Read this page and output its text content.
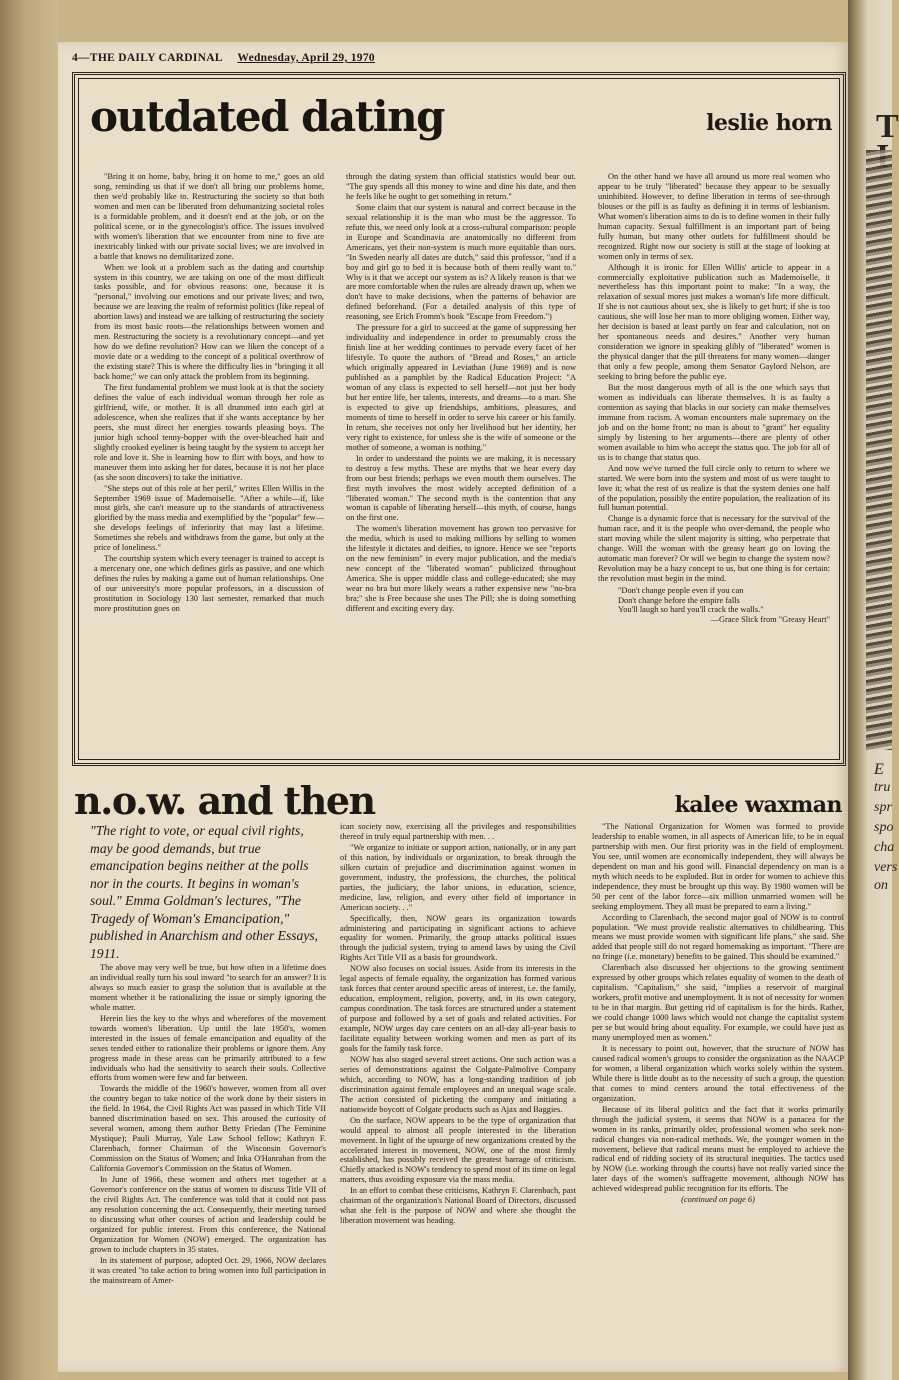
T
E
tru
spr
spo
cha
vers
on
4—THE DAILY CARDINAL Wednesday, April 29, 1970
outdated dating	leslie horn

"Bring it on home, baby, bring it on home to me," goes an old song, reminding us that if we don't all bring our problems home, then we'd probably like to. Restructuring the society so that both women and men can be liberated from dehumanizing societal roles is a formidable problem, and it doesn't end at the job, or on the political scene, or in the gynecologist's office. The issues involved with women's liberation that we encounter from nine to five are inextricably linked with our private social lives; we are involved in a battle that knows no demilitarized zone.

When we look at a problem such as the dating and courtship system in this country, we are taking on one of the most difficult tasks possible, and for obvious reasons: one, because it is "personal," involving our emotions and our private lives; and two, because we are leaving the realm of reformist politics (like repeal of abortion laws) and instead we are talking of restructuring the society from its most basic roots—the relationships between women and men. Restructuring the society is a revolutionary concept—and yet how do we define revolution? How can we liken the concept of a movie date or a wedding to the concept of a political overthrow of the existing state? This is where the difficulty lies in "bringing it all back home;" we can only attack the problem from its beginning.

The first fundamental problem we must look at is that the society defines the value of each individual woman through her role as girlfriend, wife, or mother. It is all drummed into each girl at adolescence, when she realizes that if she wants acceptance by her peers, she must direct her energies towards pleasing boys. The junior high school tenny-bopper with the over-bleached hair and slightly crooked eyeliner is being taught by the system to accept her role and love it. She is learning how to flirt with boys, and how to maneuver them into asking her for dates, because it is not her place (as she soon discovers) to take the initiative.

"She steps out of this role at her peril," writes Ellen Willis in the September 1969 issue of Mademoiselle. "After a while—if, like most girls, she can't measure up to the standards of attractiveness glorified by the mass media and exemplified by the "popular" few—she develops feelings of inferiority that may last a lifetime. Sometimes she rebels and withdraws from the game, but only at the price of loneliness."

The courtship system which every teenager is trained to accept is a mercenary one, one which defines girls as passive, and one which defines the rules by making a game out of human relationships. One of our university's more popular professors, in a discussion of prostitution in Sociology 130 last semester, remarked that much more prostitution goes on

through the dating system than official statistics would bear out. "The guy spends all this money to wine and dine his date, and then he feels like he ought to get something in return."

Some claim that our system is natural and correct because in the sexual relationship it is the man who must be the aggressor. To refute this, we need only look at a cross-cultural comparison: people in Europe and Scandinavia are anatomically no different from Americans, yet their non-system is much more equitable than ours. "In Sweden nearly all dates are dutch," said this professor, "and if a boy and girl go to bed it is because both of them really want to." Why is it that we accept our system as is? A likely reason is that we are more comfortable when the rules are already drawn up, when we don't have to make decisions, when the patterns of behavior are defined beforehand. (For a detailed analysis of this type of reasoning, see Erich Fromm's book "Escape from Freedom.")

The pressure for a girl to succeed at the game of suppressing her individuality and independence in order to presumably cross the finish line at her wedding continues to pervade every facet of her lifestyle. To quote the authors of "Bread and Roses," an article which originally appeared in Leviathan (June 1969) and is now published as a pamphlet by the Radical Education Project: "A woman of any class is expected to sell herself—not just her body but her entire life, her talents, interests, and dreams—to a man. She is expected to give up friendships, ambitions, pleasures, and moments of time to herself in order to serve his career or his family. In return, she receives not only her livelihood but her identity, her very right to existence, for unless she is the wife of someone or the mother of someone, a woman is nothing."

In order to understand the points we are making, it is necessary to destroy a few myths. These are myths that we hear every day from our best friends; perhaps we even mouth them ourselves. The first myth involves the most widely accepted definition of a "liberated woman." The second myth is the contention that any woman is capable of liberating herself—this myth, of course, hangs on the first one.

The women's liberation movement has grown too pervasive for the media, which is used to making millions by selling to women the lifestyle it dictates and deifies, to ignore. Hence we see "reports on the new feminism" in every major publication, and the media's new concept of the "liberated woman" publicized throughout America. She is upper middle class and college-educated; she may wear no bra but more likely wears a rather expensive new "no-bra bra;" she is Free because she uses The Pill; she is doing something different and exciting every day.

On the other hand we have all around us more real women who appear to be truly "liberated" because they appear to be sexually uninhibited. However, to define liberation in terms of see-through blouses or the pill is as faulty as defining it in terms of lesbianism. What women's liberation aims to do is to define women in their fully human capacity. Sexual fulfillment is an important part of being fully human, but many other outlets for fulfillment should be recognized. Right now our society is still at the stage of looking at women only in terms of sex.

Although it is ironic for Ellen Willis' article to appear in a commercially exploitative publication such as Mademoiselle, it nevertheless has this important point to make: "In a way, the relaxation of sexual mores just makes a woman's life more difficult. If she is not cautious about sex, she is likely to get hurt; if she is too cautious, she will lose her man to more obliging women. Either way, her decision is based at least partly on fear and calculation, not on her spontaneous needs and desires." Another very human consideration we ignore in speaking glibly of "liberated" women is the physical danger that the pill threatens for many women—danger that only a few people, among them Senator Gaylord Nelson, are seeking to bring before the public eye.

But the most dangerous myth of all is the one which says that women as individuals can liberate themselves. It is as faulty a contention as saying that blacks in our society can make themselves immune from racism. A woman encounters male supremacy on the job and on the home front; no man is about to "grant" her equality simply by listening to her arguments—there are plenty of other women available to him who accept the status quo. The job for all of us is to change that status quo.

And now we've turned the full circle only to return to where we started. We were born into the system and most of us were taught to love it; what the rest of us realize is that the system denies one half of the population, possibly the entire population, the realization of its full human potential.

Change is a dynamic force that is necessary for the survival of the human race, and it is the people who over-demand, the people who start moving while the silent majority is sitting, who perpetrate that change. Will the woman with the greasy heart go on loving the automatic man forever? Or will we begin to change the system now? Revolution may be a hazy concept to us, but one thing is for certain: the revolution must begin in the mind.

"Don't change people even if you can
Don't change before the empire falls
You'll laugh so hard you'll crack the walls."
—Grace Slick from "Greasy Heart"
n.o.w. and then	kalee waxman

"The right to vote, or equal civil rights, may be good demands, but true emancipation begins neither at the polls nor in the courts. It begins in woman's soul." Emma Goldman's lectures, "The Tragedy of Woman's Emancipation," published in Anarchism and other Essays, 1911.

The above may very well be true, but how often in a lifetime does an individual really turn his soul inward "to search for an answer? It is always so much easier to grasp the solution that is available at the moment whether it be rationalizing the issue or simply ignoring the whole matter.

Herein lies the key to the whys and wherefores of the movement towards women's liberation. Up until the late 1950's, women interested in the issues of female emancipation and equality of the sexes tended either to rationalize their problems or ignore them. Any progress made in these areas can be primarily attributed to a few individuals who had the sensitivity to search their souls. Collective efforts from women were few and far between.

Towards the middle of the 1960's however, women from all over the country began to take notice of the work done by their sisters in the field. In 1964, the Civil Rights Act was passed in which Title VII banned discrimination based on sex. This aroused the curiosity of several women, among them author Betty Friedan (The Feminine Mystique); Pauli Murray, Yale Law School fellow; Kathryn F. Clarenbach, former Chairman of the Wisconsin Governor's Commission on the Status of Women; and Inka O'Hanrahan from the California Governor's Commission on the Status of Women.

In June of 1966, these women and others met together at a Governor's conference on the status of women to discuss Title VII of the civil Rights Act. The conference was told that it could not pass any resolution concerning the act. Consequently, their meeting turned to discussing what other courses of action and leadership could be organized for public interest. From this conference, the National Organization for Women (NOW) emerged. The organization has grown to include chapters in 35 states.

In its statement of purpose, adopted Oct. 29, 1966, NOW declares it was created "to take action to bring women into full participation in the mainstream of Amer-

ican society now, exercising all the privileges and responsibilities thereof in truly equal partnership with men. . .

"We organize to initiate or support action, nationally, or in any part of this nation, by individuals or organization, to break through the silken curtain of prejudice and discrimination against women in government, industry, the professions, the churches, the political parties, the judiciary, the labor unions, in education, science, medicine, law, religion, and every other field of importance in American society. . ."

Specifically, then, NOW gears its organization towards administering and participating in significant actions to achieve equality for women. Primarily, the group attacks political issues through the judicial system, trying to amend laws by using the Civil Rights Act Title VII as a basis for groundwork.

NOW also focuses on social issues. Aside from its interests in the legal aspects of female equality, the organization has formed various task forces that center around specific areas of interest, i.e. the family, education, employment, religion, poverty, and, in its own category, campus coordination. The task forces are structured under a statement of purpose and followed by a set of goals and related activities. For example, NOW urges day care centers on an all-day all-year basis to facilitate equality between working women and men as part of its goals for the family task force.

NOW has also staged several street actions. One such action was a series of demonstrations against the Colgate-Palmolive Company which, according to NOW, has a long-standing tradition of job discrimination against female employees and an unequal wage scale. The action consisted of picketing the company and initiating a nationwide boycott of Colgate products such as Ajax and Baggies.

On the surface, NOW appears to be the type of organization that would appeal to almost all people interested in the liberation movement. In light of the upsurge of new organizations created by the accelerated interest in movement, NOW, one of the most firmly established, has possibly received the greatest barrage of criticism. Chiefly attacked is NOW's tendency to spend most of its time on legal matters, thus avoiding exposure via the mass media.

In an effort to combat these criticisms, Kathryn F. Clarenbach, past chairman of the organization's National Board of Directors, discussed what she felt is the purpose of NOW and where she thought the liberation movement was heading.

"The National Organization for Women was formed to provide leadership to enable women, in all aspects of American life, to be in equal partnership with men. Our first priority was in the field of employment. You see, until women are economically independent, they will always be dependent on man and his good will. Financial dependency on man is a myth which needs to be exploded. But in order for women to achieve this independence, they must be brought up this way. By 1980 women will be 50 per cent of the labor force—six million unmarried women will be seeking employment. They all must be prepared to earn a living."

According to Clarenbach, the second major goal of NOW is to control population. "We must provide realistic alternatives to childbearing. This means we must provide women with significant life plans," she said. She added that people still do not regard homemaking as important. "There are no fringe (i.e. monetary) benefits to be gained. This should be examined."

Clarenbach also discussed her objections to the growing sentiment expressed by other groups which relates equality of women to the death of capitalism. "Capitalism," she said, "implies a reservoir of marginal workers, profit motive and unemployment. It is not of necessity for women to be in that margin. But getting rid of capitalism is for the birds. Rather, we could change 1000 laws which would not change the capitalist system per se but would bring about equality. For example, we could have just as many unemployed men as women."

It is necessary to point out, however, that the structure of NOW has caused radical women's groups to consider the organization as the NAACP for women, a liberal organization which works solely within the system. While there is little doubt as to the necessity of such a group, the question that comes to mind centers around the total effectiveness of the organization.

Because of its liberal politics and the fact that it works primarily through the judicial system, it seems that NOW is a panacea for the women in its ranks, primarily older, professional women who seek non-radical changes via non-radical methods. We, the younger women in the movement, believe that radical means must be employed to achieve the radical end of ridding society of its structural inequities. The tactics used by NOW (i.e. working through the courts) have not really varied since the later days of the women's suffragette movement, although NOW has achieved widespread public recognition for its efforts. The

(continued on page 6)
